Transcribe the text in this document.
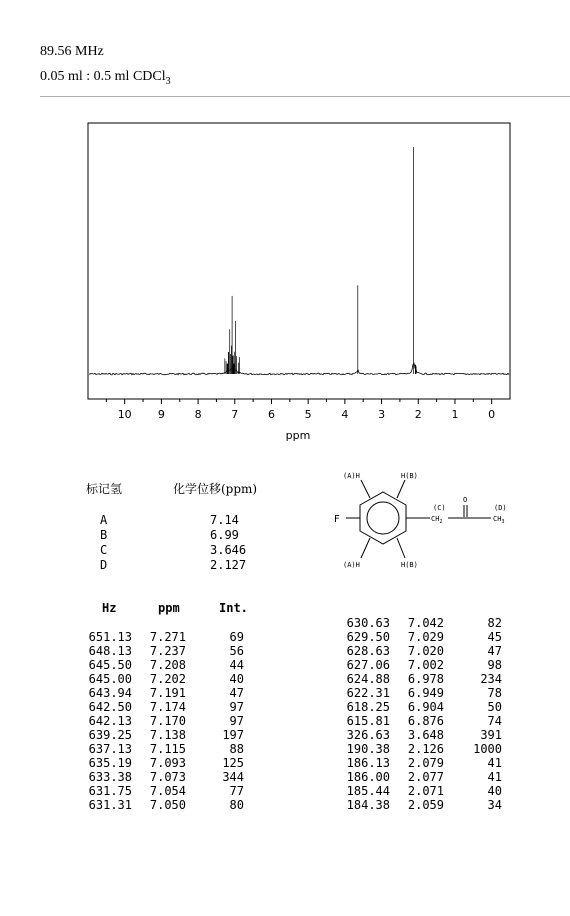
89.56 MHz
0.05 ml : 0.5 ml CDCl$_3$
10 9	8	7	6	5	4	3	2	1	0
ppm
标记氢	化学位移(ppm)
A	7.14
B	6.99
C	3.646
D	2.127
F
(A)H	H(B)
(A)H	H(B)
(C)	(D)
O
$CH_2$	$CH_3$
Hz	ppm	Int.
651.13 7.271	69
648.13 7.237	56
645.50 7.208	44
645.00 7.202	40
643.94 7.191	47
642.50 7.174	97
642.13 7.170	97
639.25 7.138	197
637.13 7.115	88
635.19 7.093	125
633.38 7.073	344
631.75 7.054	77
631.31 7.050	80
630.63 7.042	82
629.50 7.029	45
628.63 7.020	47
627.06 7.002	98
624.88 6.978	234
622.31 6.949	78
618.25 6.904	50
615.81 6.876	74
326.63 3.648	391
190.38 2.126 1000
186.13 2.079	41
186.00 2.077	41
185.44 2.071	40
184.38 2.059	34
